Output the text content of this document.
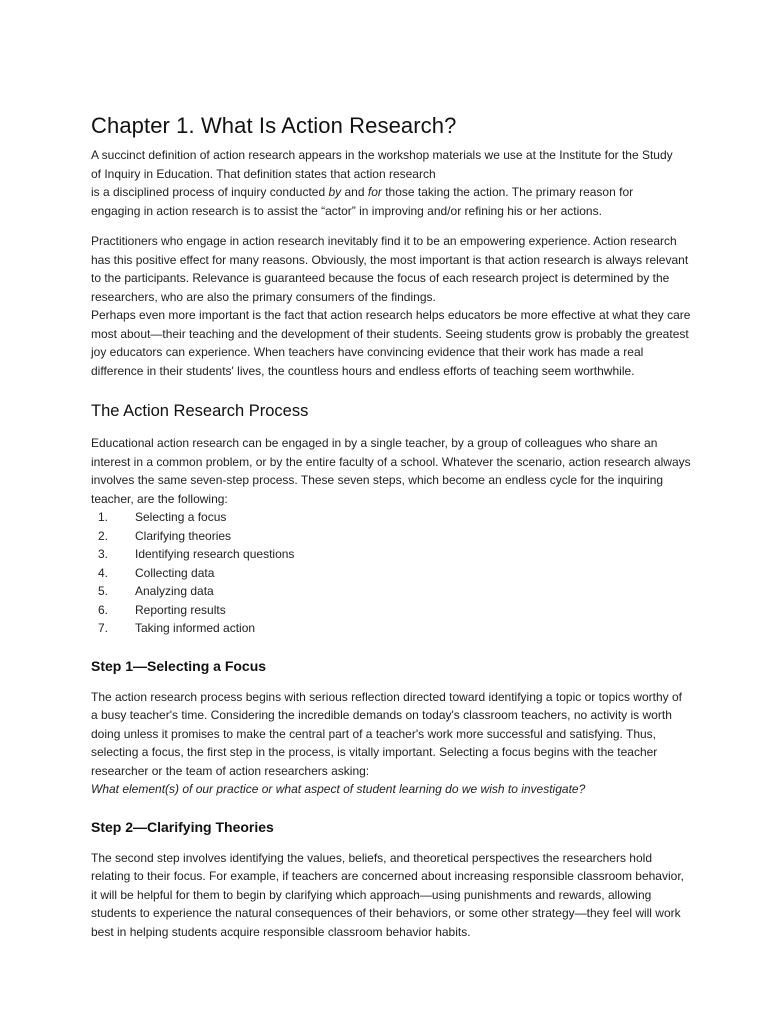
Chapter 1. What Is Action Research?

A succinct definition of action research appears in the workshop materials we use at the Institute for the Study
of Inquiry in Education. That definition states that action research
is a disciplined process of inquiry conducted by and for those taking the action. The primary reason for
engaging in action research is to assist the “actor” in improving and/or refining his or her actions.

Practitioners who engage in action research inevitably find it to be an empowering experience. Action research has this positive effect for many reasons. Obviously, the most important is that action research is always relevant to the participants. Relevance is guaranteed because the focus of each research project is determined by the researchers, who are also the primary consumers of the findings.

Perhaps even more important is the fact that action research helps educators be more effective at what they care most about—their teaching and the development of their students. Seeing students grow is probably the greatest joy educators can experience. When teachers have convincing evidence that their work has made a real difference in their students' lives, the countless hours and endless efforts of teaching seem worthwhile.

The Action Research Process

Educational action research can be engaged in by a single teacher, by a group of colleagues who share an interest in a common problem, or by the entire faculty of a school. Whatever the scenario, action research always involves the same seven-step process. These seven steps, which become an endless cycle for the inquiring teacher, are the following:

1.	Selecting a focus
2.	Clarifying theories
3.	Identifying research questions
4.	Collecting data
5.	Analyzing data
6.	Reporting results
7.	Taking informed action
Step 1—Selecting a Focus

The action research process begins with serious reflection directed toward identifying a topic or topics worthy of a busy teacher's time. Considering the incredible demands on today's classroom teachers, no activity is worth doing unless it promises to make the central part of a teacher's work more successful and satisfying. Thus, selecting a focus, the first step in the process, is vitally important. Selecting a focus begins with the teacher researcher or the team of action researchers asking:
What element(s) of our practice or what aspect of student learning do we wish to investigate?

Step 2—Clarifying Theories

The second step involves identifying the values, beliefs, and theoretical perspectives the researchers hold relating to their focus. For example, if teachers are concerned about increasing responsible classroom behavior, it will be helpful for them to begin by clarifying which approach—using punishments and rewards, allowing students to experience the natural consequences of their behaviors, or some other strategy—they feel will work best in helping students acquire responsible classroom behavior habits.
